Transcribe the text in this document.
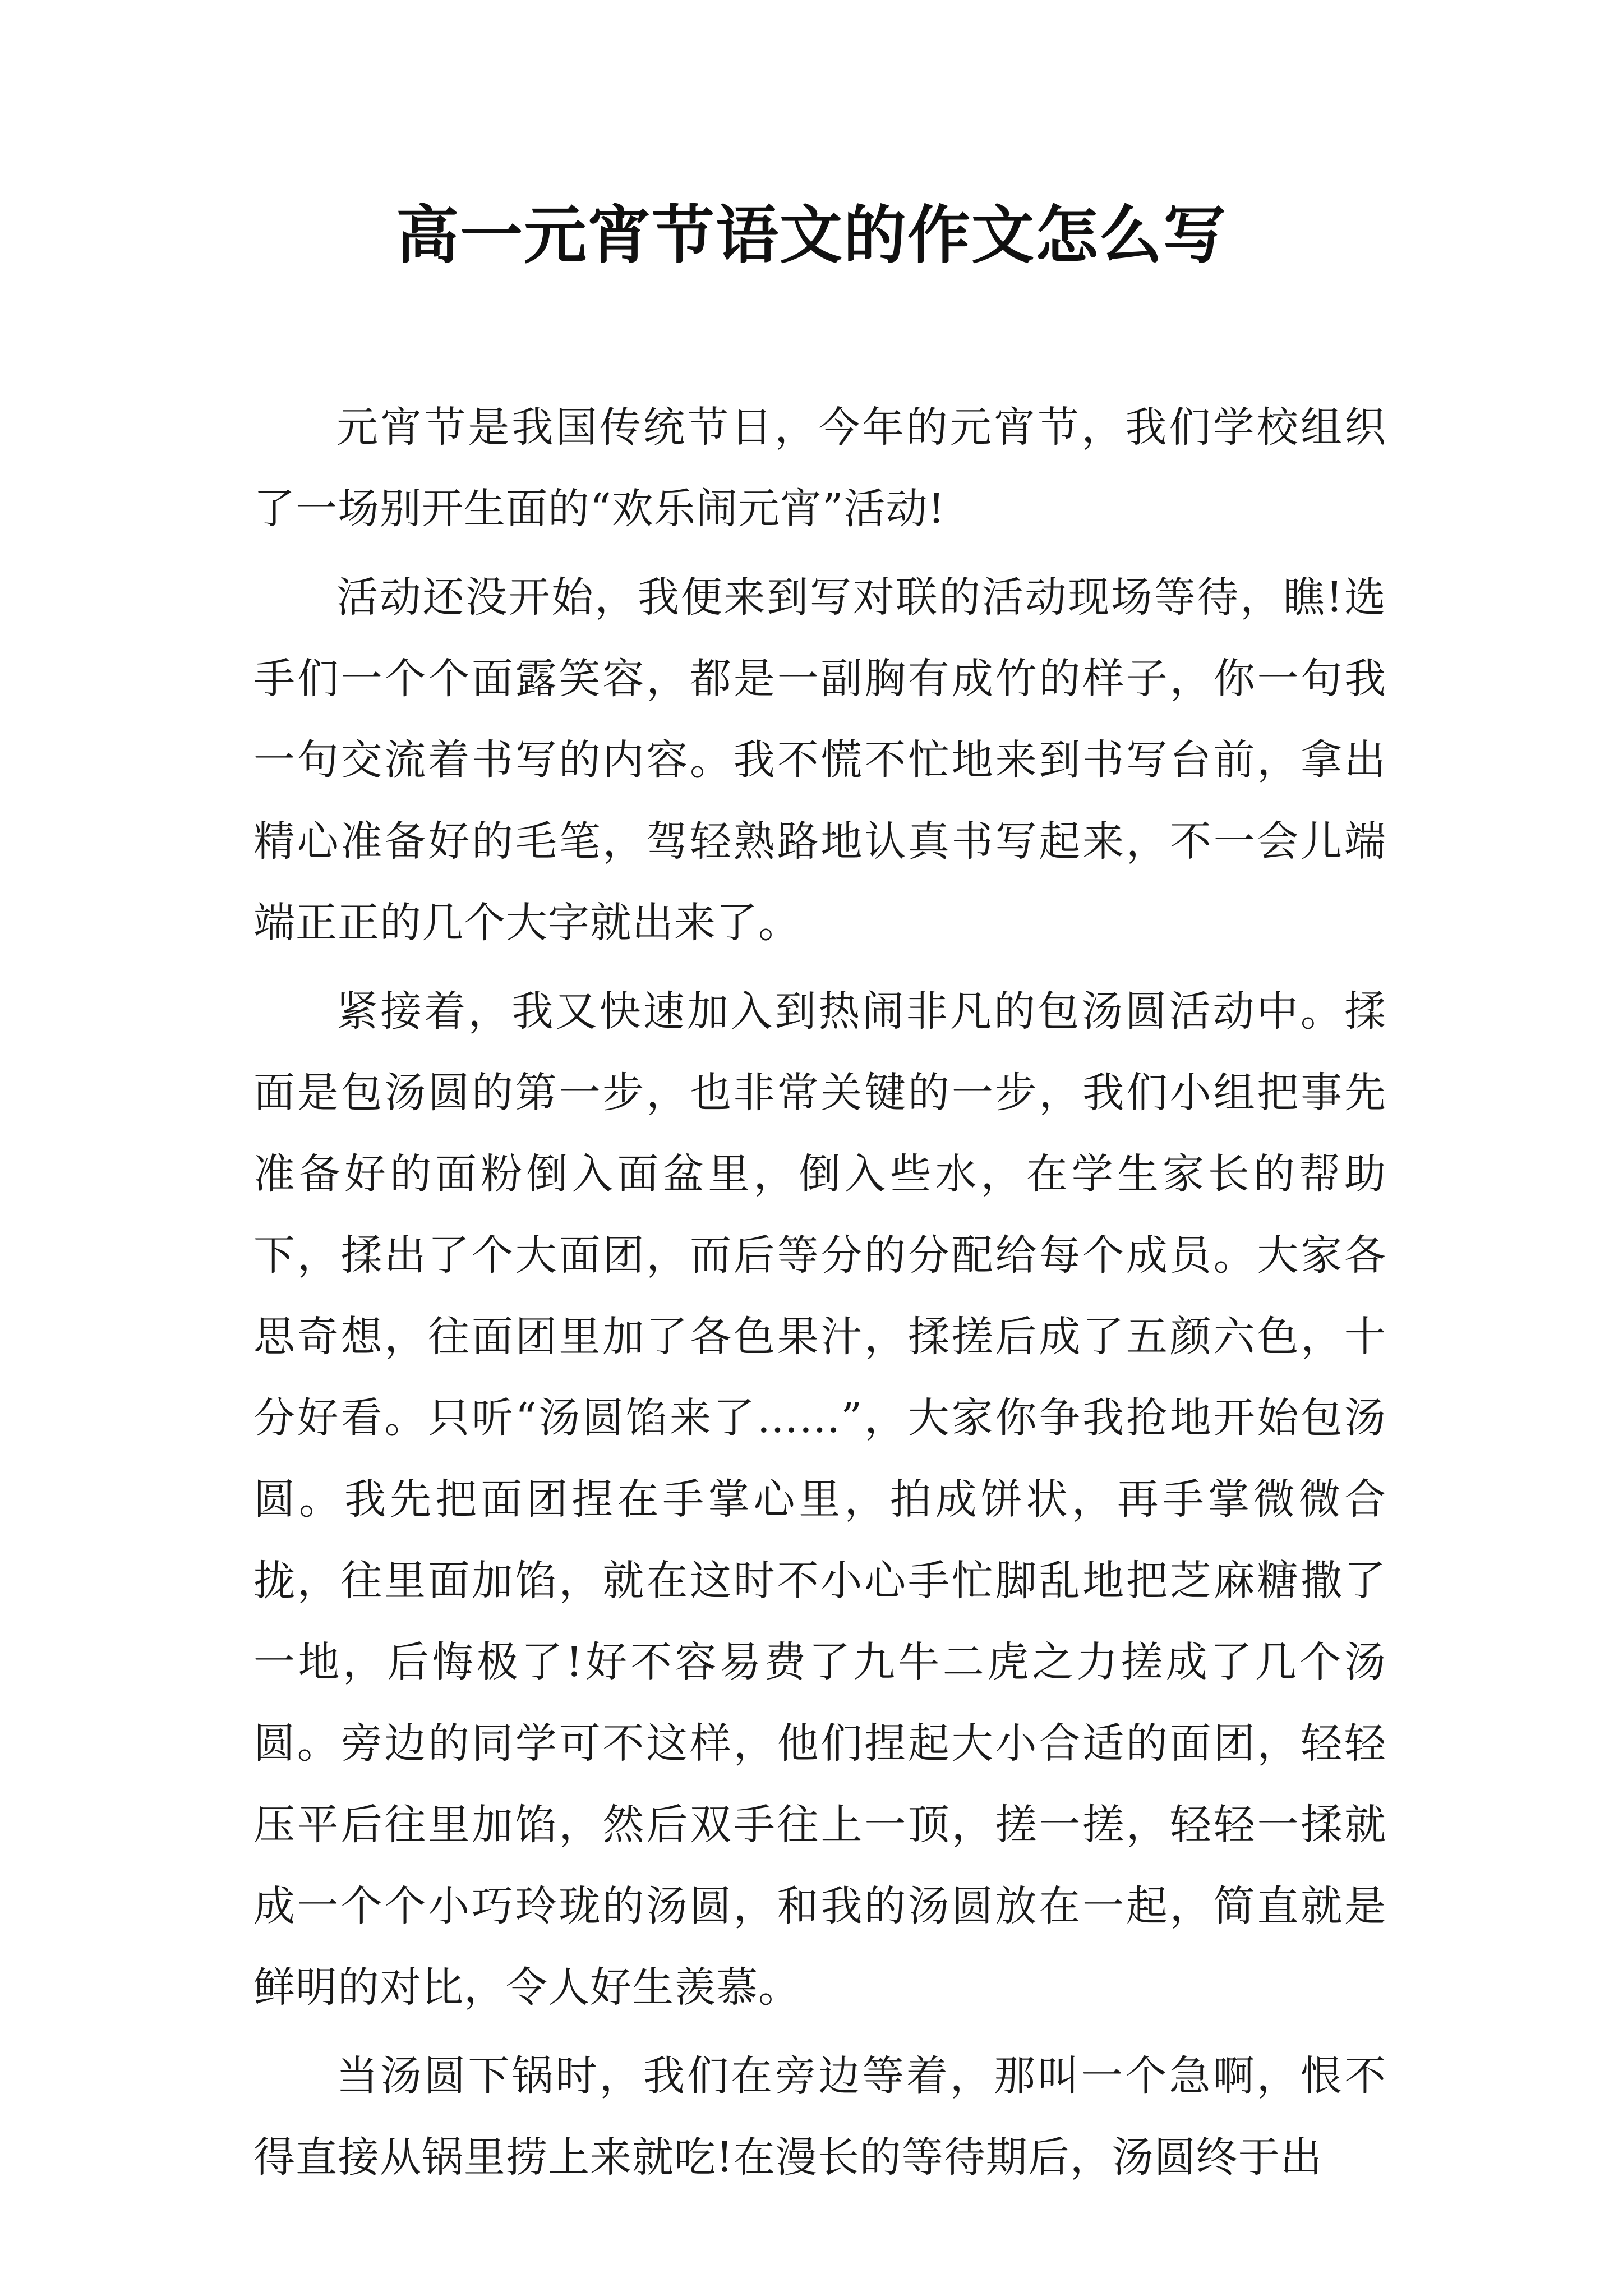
高一元宵节语文的作文怎么写

元宵节是我国传统节日，今年的元宵节，我们学校组织了一场别开生面的“欢乐闹元宵”活动!

活动还没开始，我便来到写对联的活动现场等待，瞧!选手们一个个面露笑容，都是一副胸有成竹的样子，你一句我一句交流着书写的内容。我不慌不忙地来到书写台前，拿出精心准备好的毛笔，驾轻熟路地认真书写起来，不一会儿端端正正的几个大字就出来了。

紧接着，我又快速加入到热闹非凡的包汤圆活动中。揉面是包汤圆的第一步，也非常关键的一步，我们小组把事先准备好的面粉倒入面盆里，倒入些水，在学生家长的帮助下，揉出了个大面团，而后等分的分配给每个成员。大家各思奇想，往面团里加了各色果汁，揉搓后成了五颜六色，十分好看。只听“汤圆馅来了……”，大家你争我抢地开始包汤圆。我先把面团捏在手掌心里，拍成饼状，再手掌微微合拢，往里面加馅，就在这时不小心手忙脚乱地把芝麻糖撒了一地，后悔极了!好不容易费了九牛二虎之力搓成了几个汤圆。旁边的同学可不这样，他们捏起大小合适的面团，轻轻压平后往里加馅，然后双手往上一顶，搓一搓，轻轻一揉就成一个个小巧玲珑的汤圆，和我的汤圆放在一起，简直就是鲜明的对比，令人好生羡慕。

当汤圆下锅时，我们在旁边等着，那叫一个急啊，恨不得直接从锅里捞上来就吃!在漫长的等待期后，汤圆终于出
